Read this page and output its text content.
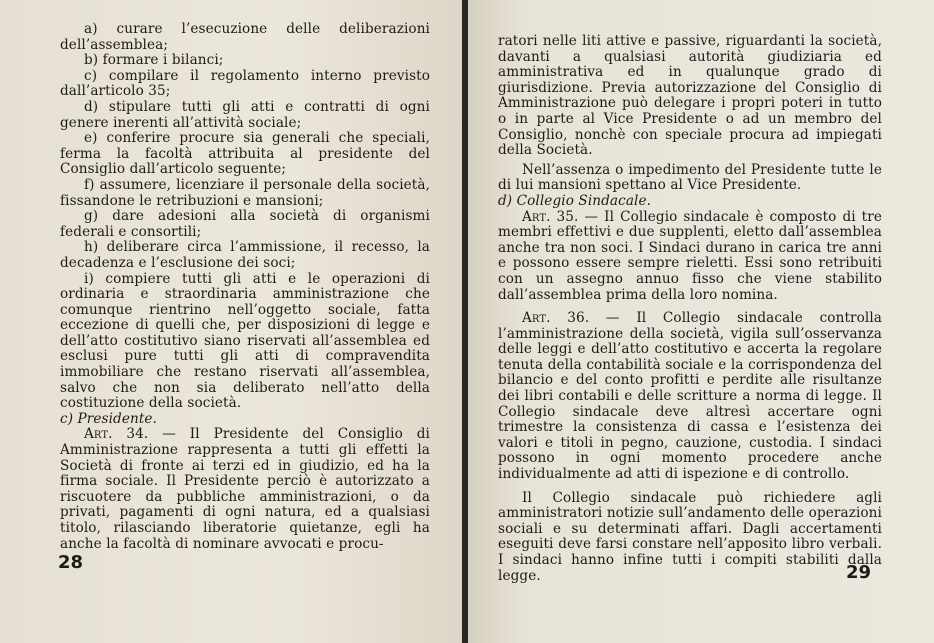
a) curare l’esecuzione delle deliberazioni dell’assemblea;

b) formare i bilanci;

c) compilare il regolamento interno previsto dall’articolo 35;

d) stipulare tutti gli atti e contratti di ogni genere inerenti all’attività sociale;

e) conferire procure sia generali che speciali, ferma la facoltà attribuita al presidente del Consiglio dall’articolo seguente;

f) assumere, licenziare il personale della società, fissandone le retribuzioni e mansioni;

g) dare adesioni alla società di organismi federali e consortili;

h) deliberare circa l’ammissione, il recesso, la decadenza e l’esclusione dei soci;

i) compiere tutti gli atti e le operazioni di ordinaria e straordinaria amministrazione che comunque rientrino nell’oggetto sociale, fatta eccezione di quelli che, per disposizioni di legge e dell’atto costitutivo siano riservati all’assemblea ed esclusi pure tutti gli atti di compravendita immobiliare che restano riservati all’assemblea, salvo che non sia deliberato nell’atto della costituzione della società.

c) Presidente.

Art. 34. — Il Presidente del Consiglio di Amministrazione rappresenta a tutti gli effetti la Società di fronte ai terzi ed in giudizio, ed ha la firma sociale. Il Presidente perciò è autorizzato a riscuotere da pubbliche amministrazioni, o da privati, pagamenti di ogni natura, ed a qualsiasi titolo, rilasciando liberatorie quietanze, egli ha anche la facoltà di nominare avvocati e procu-

28

ratori nelle liti attive e passive, riguardanti la società, davanti a qualsiasi autorità giudiziaria ed amministrativa ed in qualunque grado di giurisdizione. Previa autorizzazione del Consiglio di Amministrazione può delegare i propri poteri in tutto o in parte al Vice Presidente o ad un membro del Consiglio, nonchè con speciale procura ad impiegati della Società.

Nell’assenza o impedimento del Presidente tutte le di lui mansioni spettano al Vice Presidente.

d) Collegio Sindacale.

Art. 35. — Il Collegio sindacale è composto di tre membri effettivi e due supplenti, eletto dall’assemblea anche tra non soci. I Sindaci durano in carica tre anni e possono essere sempre rieletti. Essi sono retribuiti con un assegno annuo fisso che viene stabilito dall’assemblea prima della loro nomina.

Art. 36. — Il Collegio sindacale controlla l’amministrazione della società, vigila sull’osservanza delle leggi e dell’atto costitutivo e accerta la regolare tenuta della contabilità sociale e la corrispondenza del bilancio e del conto profitti e perdite alle risultanze dei libri contabili e delle scritture a norma di legge. Il Collegio sindacale deve altresì accertare ogni trimestre la consistenza di cassa e l’esistenza dei valori e titoli in pegno, cauzione, custodia. I sindaci possono in ogni momento procedere anche individualmente ad atti di ispezione e di controllo.

Il Collegio sindacale può richiedere agli amministratori notizie sull’andamento delle operazioni sociali e su determinati affari. Dagli accertamenti eseguiti deve farsi constare nell’apposito libro verbali. I sindaci hanno infine tutti i compiti stabiliti dalla legge.	29
